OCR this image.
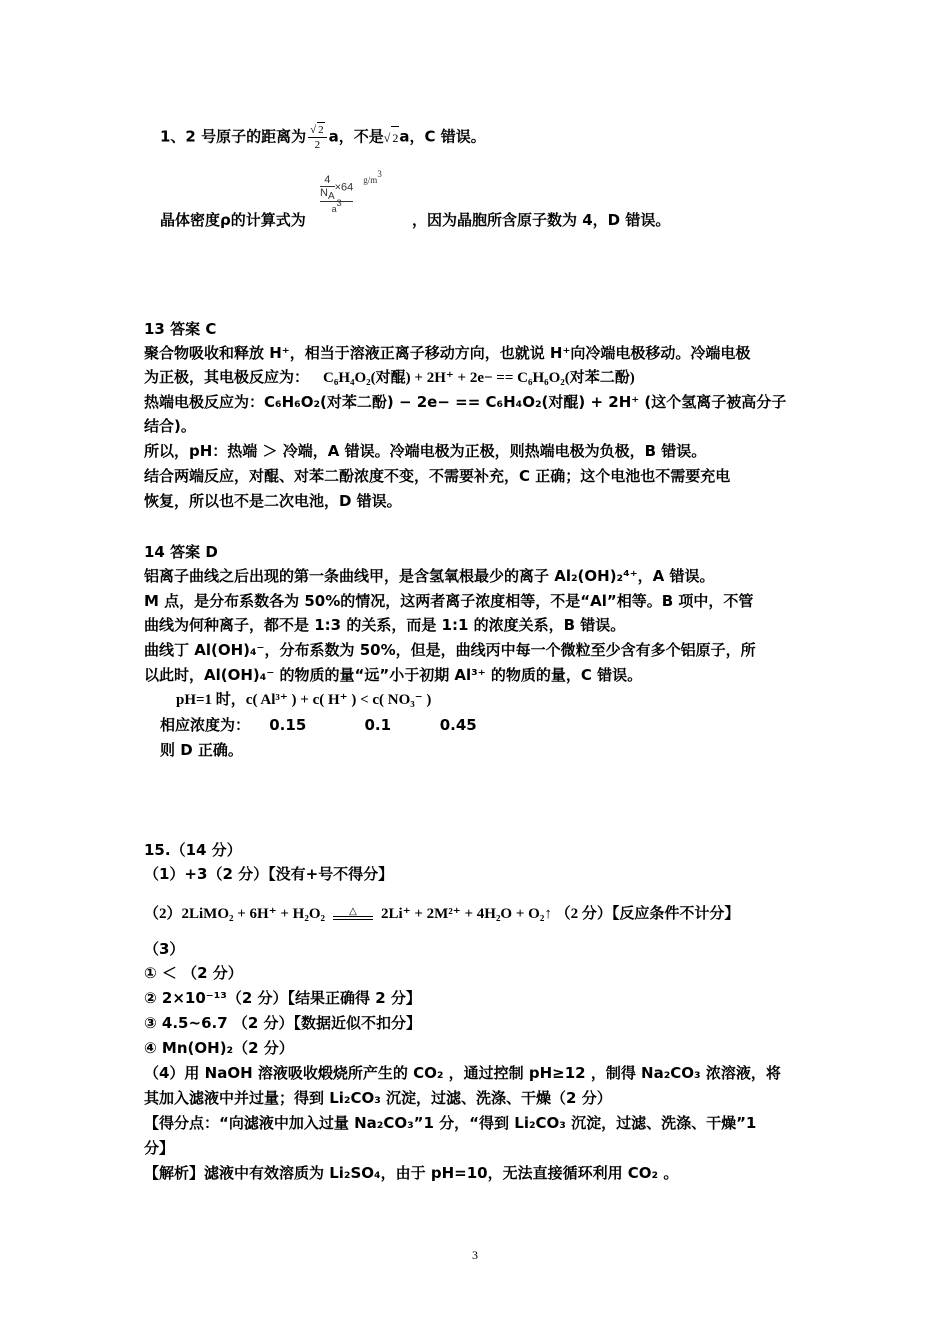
1、2 号原子的距离为 $\frac{√ 2}{2}$ a，不是√ 2a，C 错误。
$\frac{4}{N_A}\times 64$
$a^3$
$^{g/m^3}$
晶体密度ρ的计算式为	，因为晶胞所含原子数为 4，D 错误。
13 答案 C
聚合物吸收和释放 H⁺，相当于溶液正离子移动方向，也就说 H⁺向冷端电极移动。冷端电极
为正极，其电极反应为： C₆H₄O₂(对醌) + 2H⁺ + 2e− == C₆H₆O₂(对苯二酚)
热端电极反应为：C₆H₆O₂(对苯二酚) − 2e− == C₆H₄O₂(对醌) + 2H⁺ (这个氢离子被高分子
结合)。
所以，pH：热端 ＞ 冷端，A 错误。冷端电极为正极，则热端电极为负极，B 错误。
结合两端反应，对醌、对苯二酚浓度不变，不需要补充，C 正确；这个电池也不需要充电
恢复，所以也不是二次电池，D 错误。
14 答案 D
铝离子曲线之后出现的第一条曲线甲，是含氢氧根最少的离子 Al₂(OH)₂⁴⁺，A 错误。
M 点，是分布系数各为 50%的情况，这两者离子浓度相等，不是“Al”相等。B 项中，不管
曲线为何种离子，都不是 1:3 的关系，而是 1:1 的浓度关系，B 错误。
曲线丁 Al(OH)₄⁻，分布系数为 50%，但是，曲线丙中每一个微粒至少含有多个铝原子，所
以此时，Al(OH)₄⁻ 的物质的量“远”小于初期 Al³⁺ 的物质的量，C 错误。
pH=1 时，c( Al³⁺ ) + c( H⁺ ) < c( NO₃⁻ )
相应浓度为： 0.15	0.1	0.45
则 D 正确。
15.（14 分）
（1）+3（2 分）【没有+号不得分】
（2）2LiMO₂ + 6H⁺ + H₂O₂ △ 2Li⁺ + 2M²⁺ + 4H₂O + O₂↑ （2 分）【反应条件不计分】
（3）
① ＜ （2 分）
② 2×10⁻¹³（2 分）【结果正确得 2 分】
③ 4.5~6.7 （2 分）【数据近似不扣分】
④ Mn(OH)₂（2 分）
（4）用 NaOH 溶液吸收煅烧所产生的 CO₂ ，通过控制 pH≥12 ，制得 Na₂CO₃ 浓溶液，将
其加入滤液中并过量；得到 Li₂CO₃ 沉淀，过滤、洗涤、干燥（2 分）
【得分点：“向滤液中加入过量 Na₂CO₃”1 分，“得到 Li₂CO₃ 沉淀，过滤、洗涤、干燥”1
分】
【解析】滤液中有效溶质为 Li₂SO₄，由于 pH=10，无法直接循环利用 CO₂ 。
3
